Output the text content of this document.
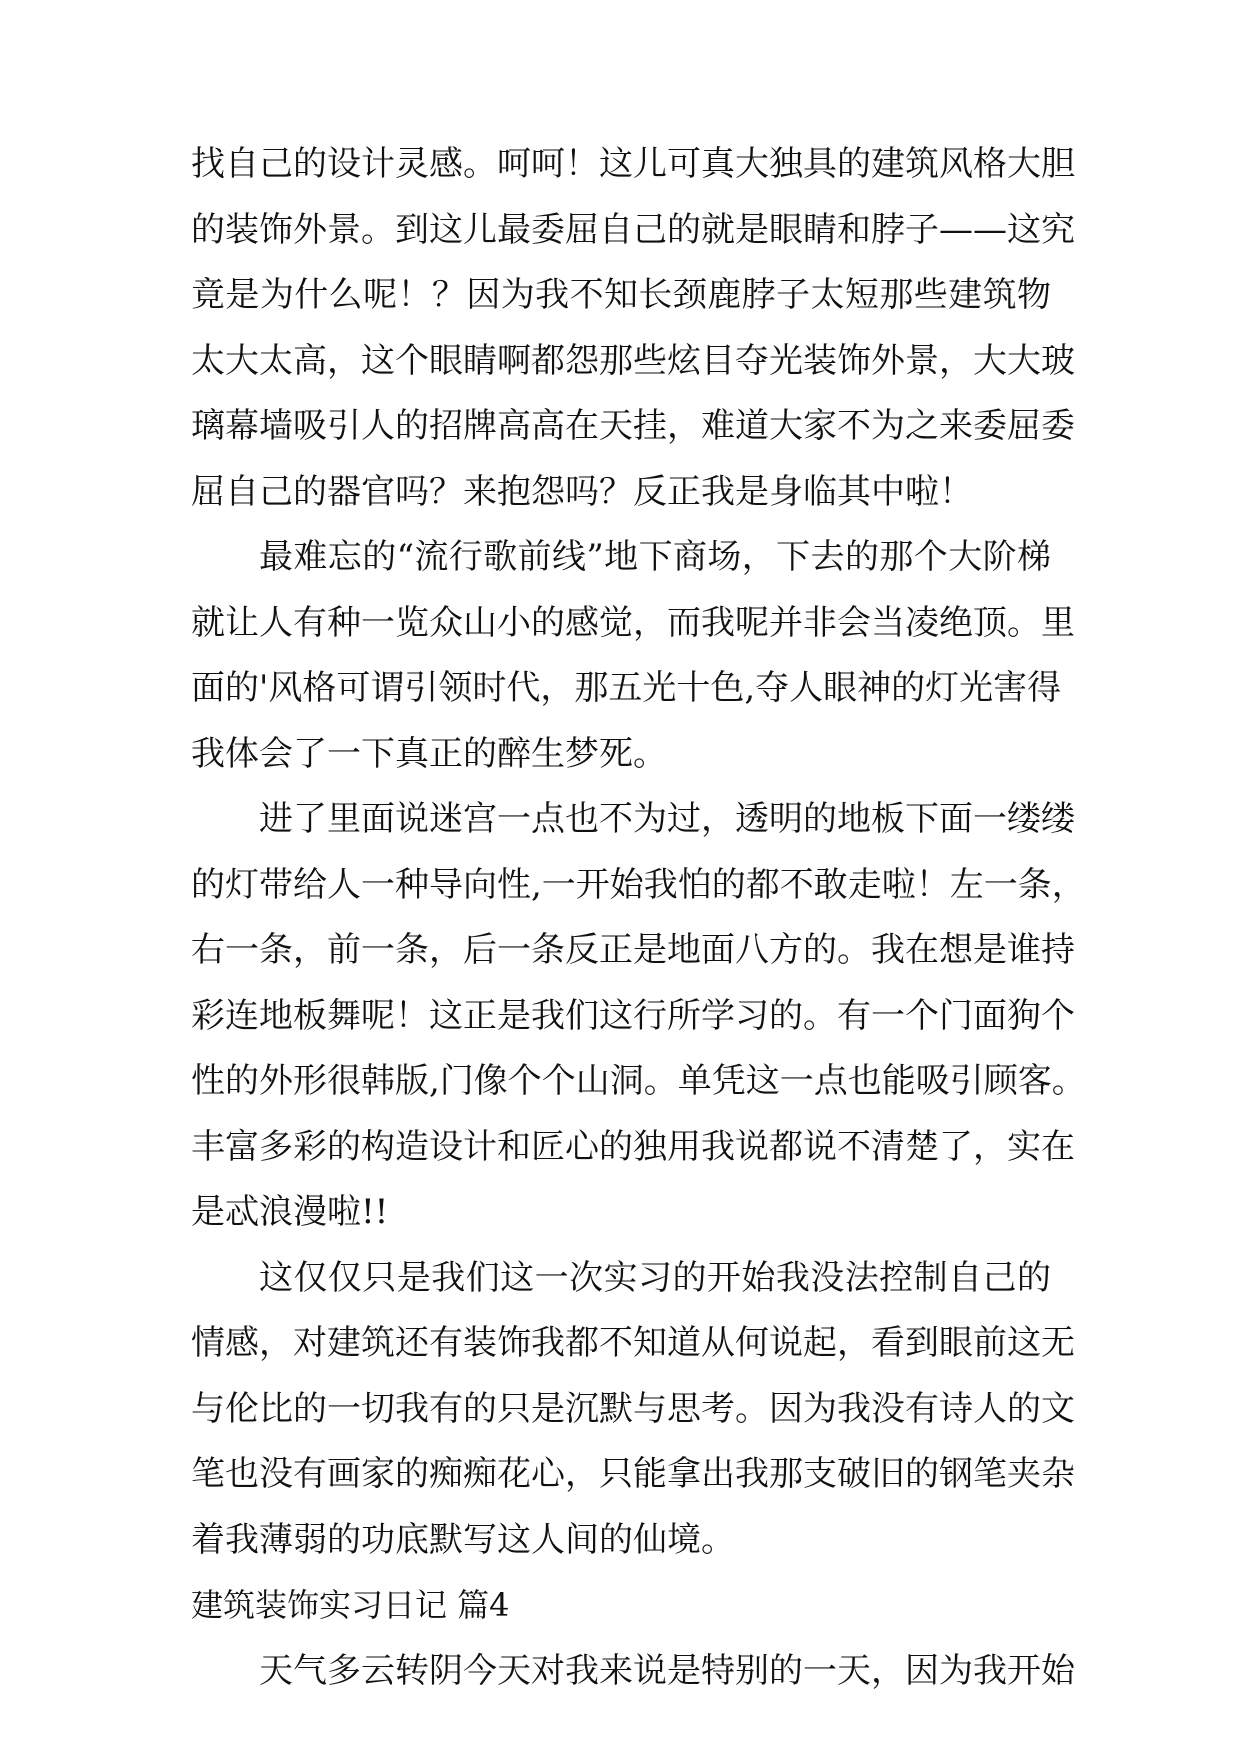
找自己的设计灵感。呵呵！这儿可真大独具的建筑风格大胆
的装饰外景。到这儿最委屈自己的就是眼睛和脖子——这究
竟是为什么呢！？因为我不知长颈鹿脖子太短那些建筑物
太大太高，这个眼睛啊都怨那些炫目夺光装饰外景，大大玻
璃幕墙吸引人的招牌高高在天挂，难道大家不为之来委屈委
屈自己的器官吗？来抱怨吗？反正我是身临其中啦！
最难忘的“流行歌前线”地下商场，下去的那个大阶梯
就让人有种一览众山小的感觉，而我呢并非会当凌绝顶。里
面的'风格可谓引领时代，那五光十色,夺人眼神的灯光害得
我体会了一下真正的醉生梦死。
进了里面说迷宫一点也不为过，透明的地板下面一缕缕
的灯带给人一种导向性,一开始我怕的都不敢走啦！左一条，
右一条，前一条，后一条反正是地面八方的。我在想是谁持
彩连地板舞呢！这正是我们这行所学习的。有一个门面狗个
性的外形很韩版,门像个个山洞。单凭这一点也能吸引顾客。
丰富多彩的构造设计和匠心的独用我说都说不清楚了，实在
是忒浪漫啦!!
这仅仅只是我们这一次实习的开始我没法控制自己的
情感，对建筑还有装饰我都不知道从何说起，看到眼前这无
与伦比的一切我有的只是沉默与思考。因为我没有诗人的文
笔也没有画家的痴痴花心，只能拿出我那支破旧的钢笔夹杂
着我薄弱的功底默写这人间的仙境。
建筑装饰实习日记 篇4
天气多云转阴今天对我来说是特别的一天，因为我开始
